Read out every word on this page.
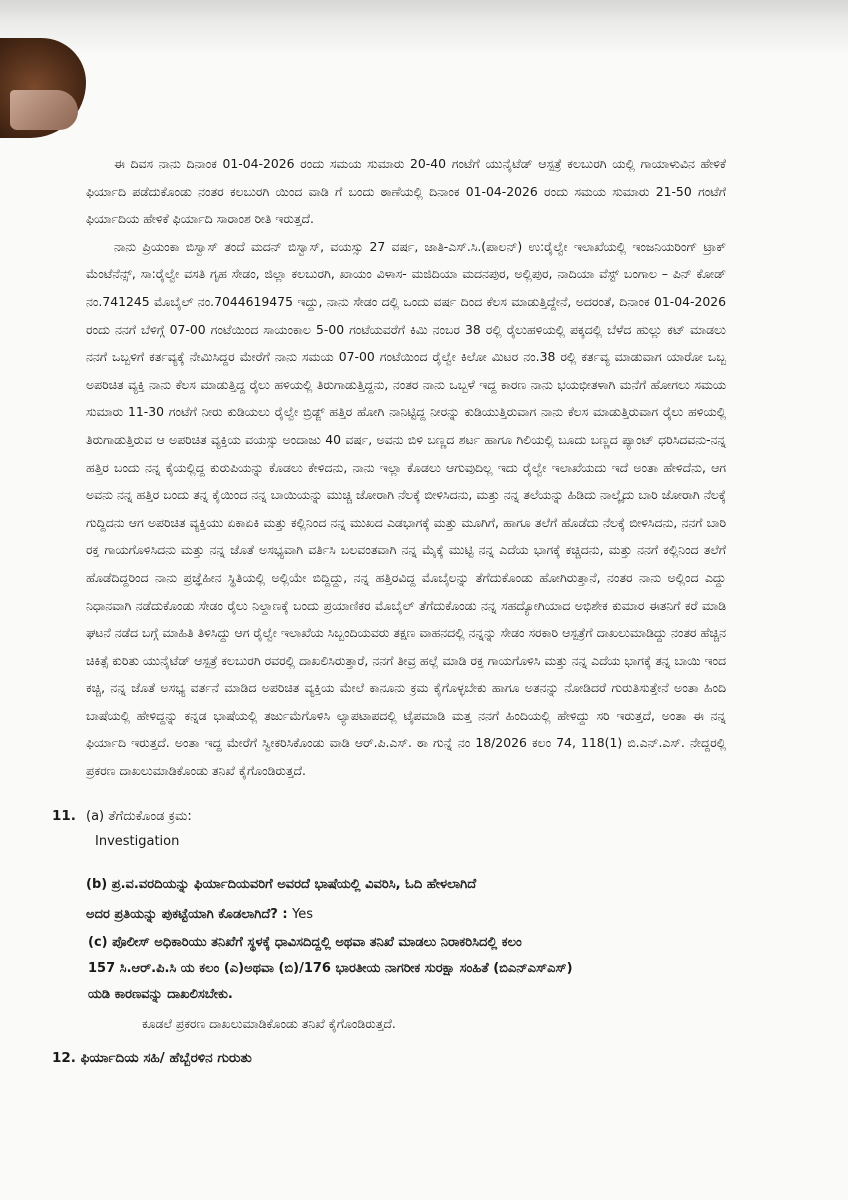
ಈ ದಿವಸ ನಾನು ದಿನಾಂಕ 01-04-2026 ರಂದು ಸಮಯ ಸುಮಾರು 20-40 ಗಂಟೆಗೆ ಯುನೈಟೆಡ್ ಆಸ್ಪತ್ರೆ ಕಲಬುರಗಿ ಯಲ್ಲಿ ಗಾಯಾಳುವಿನ ಹೇಳಿಕೆ ಫಿರ್ಯಾದಿ ಪಡೆದುಕೊಂಡು ನಂತರ ಕಲಬುರಗಿ ಯಿಂದ ವಾಡಿ ಗೆ ಬಂದು ಠಾಣೆಯಲ್ಲಿ ದಿನಾಂಕ 01-04-2026 ರಂದು ಸಮಯ ಸುಮಾರು 21-50 ಗಂಟೆಗೆ ಫಿರ್ಯಾದಿಯ ಹೇಳಿಕೆ ಫಿರ್ಯಾದಿ ಸಾರಾಂಶ ರೀತಿ ಇರುತ್ತದೆ.

ನಾನು ಪ್ರಿಯಂಕಾ ಬಿಸ್ವಾಸ್ ತಂದೆ ಮದನ್ ಬಿಸ್ವಾಸ್, ವಯಸ್ಸು 27 ವರ್ಷ, ಜಾತಿ-ಎಸ್.ಸಿ.(ಪಾಲನ್) ಉ:ರೈಲ್ವೇ ಇಲಾಖೆಯಲ್ಲಿ ಇಂಜನಿಯರಿಂಗ್ ಟ್ರಾಕ್ ಮೆಂಟೆನೆನ್ಸ್, ಸಾ:ರೈಲ್ವೇ ವಸತಿ ಗೃಹ ಸೇಡಂ, ಜಿಲ್ಲಾ ಕಲಬುರಗಿ, ಖಾಯಂ ವಿಳಾಸ- ಮಜಿದಿಯಾ ಮದನಪುರ, ಅಲ್ಲಿಪುರ, ನಾದಿಯಾ ವೆಸ್ಟ್ ಬಂಗಾಲ – ಪಿನ್ ಕೋಡ್ ನಂ.741245 ಮೊಬೈಲ್ ನಂ.7044619475 ಇದ್ದು, ನಾನು ಸೇಡಂ ದಲ್ಲಿ ಒಂದು ವರ್ಷ ದಿಂದ ಕೆಲಸ ಮಾಡುತ್ತಿದ್ದೇನೆ, ಅದರಂತೆ, ದಿನಾಂಕ 01-04-2026 ರಂದು ನನಗೆ ಬೆಳಿಗ್ಗೆ 07-00 ಗಂಟೆಯಿಂದ ಸಾಯಂಕಾಲ 5-00 ಗಂಟೆಯವರೆಗೆ ಕಿಮಿ ನಂಬರ 38 ರಲ್ಲಿ ರೈಲುಹಳಿಯಲ್ಲಿ ಪಕ್ಕದಲ್ಲಿ ಬೆಳೆದ ಹುಲ್ಲು ಕಟ್ ಮಾಡಲು ನನಗೆ ಒಬ್ಬಳಿಗೆ ಕರ್ತವ್ಯಕ್ಕೆ ನೇಮಿಸಿದ್ದರ ಮೇರೆಗೆ ನಾನು ಸಮಯ 07-00 ಗಂಟೆಯಿಂದ ರೈಲ್ವೇ ಕಿಲೋ ಮಿಟರ ನಂ.38 ರಲ್ಲಿ ಕರ್ತವ್ಯ ಮಾಡುವಾಗ ಯಾರೋ ಒಬ್ಬ ಅಪರಿಚಿತ ವ್ಯಕ್ತಿ ನಾನು ಕೆಲಸ ಮಾಡುತ್ತಿದ್ದ ರೈಲು ಹಳಿಯಲ್ಲಿ ತಿರುಗಾಡುತ್ತಿದ್ದನು, ನಂತರ ನಾನು ಒಬ್ಬಳೆ ಇದ್ದ ಕಾರಣ ನಾನು ಭಯಭೀತಳಾಗಿ ಮನೆಗೆ ಹೋಗಲು ಸಮಯ ಸುಮಾರು 11-30 ಗಂಟೆಗೆ ನೀರು ಕುಡಿಯಲು ರೈಲ್ವೇ ಬ್ರಿಡ್ಜ್ ಹತ್ತಿರ ಹೋಗಿ ನಾನಿಟ್ಟಿದ್ದ ನೀರನ್ನು ಕುಡಿಯುತ್ತಿರುವಾಗ ನಾನು ಕೆಲಸ ಮಾಡುತ್ತಿರುವಾಗ ರೈಲು ಹಳಿಯಲ್ಲಿ ತಿರುಗಾಡುತ್ತಿರುವ ಆ ಅಪರಿಚಿತ ವ್ಯಕ್ತಿಯ ವಯಸ್ಸು ಅಂದಾಜು 40 ವರ್ಷ, ಅವನು ಬಿಳಿ ಬಣ್ಣದ ಶರ್ಟ ಹಾಗೂ ಗಿಲಿಯಲ್ಲಿ ಬೂದು ಬಣ್ಣದ ಪ್ಯಾಂಟ್ ಧರಿಸಿದವನು-ನನ್ನ ಹತ್ತಿರ ಬಂದು ನನ್ನ ಕೈಯಲ್ಲಿದ್ದ ಕುರುಪಿಯನ್ನು ಕೊಡಲು ಕೇಳಿದನು, ನಾನು ಇಲ್ಲಾ ಕೊಡಲು ಆಗುವುದಿಲ್ಲ ಇದು ರೈಲ್ವೇ ಇಲಾಖೆಯದು ಇದೆ ಅಂತಾ ಹೇಳಿದೆನು, ಆಗ ಅವನು ನನ್ನ ಹತ್ತಿರ ಬಂದು ತನ್ನ ಕೈಯಿಂದ ನನ್ನ ಬಾಯಿಯನ್ನು ಮುಚ್ಚಿ ಜೋರಾಗಿ ನೆಲಕ್ಕೆ ಬೀಳಿಸಿದನು, ಮತ್ತು ನನ್ನ ತಲೆಯನ್ನು ಹಿಡಿದು ನಾಲ್ಕೈದು ಬಾರಿ ಜೋರಾಗಿ ನೆಲಕ್ಕೆ ಗುದ್ದಿದನು ಆಗ ಅಪರಿಚಿತ ವ್ಯಕ್ತಿಯು ಏಕಾಏಕಿ ಮತ್ತು ಕಲ್ಲಿನಿಂದ ನನ್ನ ಮುಖದ ಎಡಭಾಗಕ್ಕೆ ಮತ್ತು ಮೂಗಿಗೆ, ಹಾಗೂ ತಲೆಗೆ ಹೊಡೆದು ನೆಲಕ್ಕೆ ಬೀಳಿಸಿದನು, ನನಗೆ ಬಾರಿ ರಕ್ತ ಗಾಯಗೊಳಿಸಿದನು ಮತ್ತು ನನ್ನ ಜೊತೆ ಅಸಭ್ಯವಾಗಿ ವರ್ತಿಸಿ ಬಲವಂತವಾಗಿ ನನ್ನ ಮೈಕ್ಕೆ ಮುಟ್ಟಿ ನನ್ನ ಎದೆಯ ಭಾಗಕ್ಕೆ ಕಚ್ಚಿದನು, ಮತ್ತು ನನಗೆ ಕಲ್ಲಿನಿಂದ ತಲೆಗೆ ಹೊಡೆದಿದ್ದರಿಂದ ನಾನು ಪ್ರಜ್ಞೆಹೀನ ಸ್ಥಿತಿಯಲ್ಲಿ ಅಲ್ಲಿಯೇ ಬಿದ್ದಿದ್ದು, ನನ್ನ ಹತ್ತಿರವಿದ್ದ ಮೊಬೈಲನ್ನು ತೆಗೆದುಕೊಂಡು ಹೋಗಿರುತ್ತಾನೆ, ನಂತರ ನಾನು ಅಲ್ಲಿಂದ ಎದ್ದು ನಿಧಾನವಾಗಿ ನಡೆದುಕೊಂಡು ಸೇಡಂ ರೈಲು ನಿಲ್ದಾಣಕ್ಕೆ ಬಂದು ಪ್ರಯಾಣಿಕರ ಮೊಬೈಲ್ ತೆಗೆದುಕೊಂಡು ನನ್ನ ಸಹದ್ಯೋಗಿಯಾದ ಅಭಿಶೇಕ ಕುಮಾರ ಈತನಿಗೆ ಕರೆ ಮಾಡಿ ಘಟನೆ ನಡೆದ ಬಗ್ಗೆ ಮಾಹಿತಿ ತಿಳಿಸಿದ್ದು ಆಗ ರೈಲ್ವೇ ಇಲಾಖೆಯ ಸಿಬ್ಬಂದಿಯವರು ತಕ್ಷಣ ವಾಹನದಲ್ಲಿ ನನ್ನನ್ನು ಸೇಡಂ ಸರಕಾರಿ ಆಸ್ಪತ್ರೆಗೆ ದಾಖಲುಮಾಡಿದ್ದು ನಂತರ ಹೆಚ್ಚಿನ ಚಿಕಿತ್ಸೆ ಕುರಿತು ಯುನೈಟೆಡ್ ಆಸ್ಪತ್ರೆ ಕಲಬುರಗಿ ರವರಲ್ಲಿ ದಾಖಲಿಸಿರುತ್ತಾರೆ, ನನಗೆ ತೀವ್ರ ಹಲ್ಲೆ ಮಾಡಿ ರಕ್ತ ಗಾಯಗೊಳಿಸಿ ಮತ್ತು ನನ್ನ ಎದೆಯ ಭಾಗಕ್ಕೆ ತನ್ನ ಬಾಯಿ ಇಂದ ಕಚ್ಚಿ, ನನ್ನ ಜೊತೆ ಅಸಭ್ಯ ವರ್ತನೆ ಮಾಡಿದ ಅಪರಿಚಿತ ವ್ಯಕ್ತಿಯ ಮೇಲೆ ಕಾನೂನು ಕ್ರಮ ಕೈಗೊಳ್ಳಬೇಕು ಹಾಗೂ ಅತನನ್ನು ನೋಡಿದರೆ ಗುರುತಿಸುತ್ತೇನೆ ಅಂತಾ ಹಿಂದಿ ಬಾಷೆಯಲ್ಲಿ ಹೇಳಿದ್ದನ್ನು ಕನ್ನಡ ಭಾಷೆಯಲ್ಲಿ ತರ್ಜುಮೆಗೊಳಿಸಿ ಲ್ಯಾಪಟಾಪದಲ್ಲಿ ಟೈಪಮಾಡಿ ಮತ್ತ ನನಗೆ ಹಿಂದಿಯಲ್ಲಿ ಹೇಳಿದ್ದು ಸರಿ ಇರುತ್ತದೆ, ಅಂತಾ ಈ ನನ್ನ ಫಿರ್ಯಾದಿ ಇರುತ್ತದೆ. ಅಂತಾ ಇದ್ದ ಮೇರೆಗೆ ಸ್ವೀಕರಿಸಿಕೊಂಡು ವಾಡಿ ಆರ್.ಪಿ.ಎಸ್. ಠಾ ಗುನ್ನೆ ನಂ 18/2026 ಕಲಂ 74, 118(1) ಬಿ.ಎನ್.ಎಸ್. ನೇದ್ದರಲ್ಲಿ ಪ್ರಕರಣ ದಾಖಲುಮಾಡಿಕೊಂಡು ತನಿಖೆ ಕೈಗೊಂಡಿರುತ್ತದೆ.

11. (a) ತೆಗೆದುಕೊಂಡ ಕ್ರಮ:
Investigation
(b) ಪ್ರ.ವ.ವರದಿಯನ್ನು ಫಿರ್ಯಾದಿಯವರಿಗೆ ಅವರದೆ ಭಾಷೆಯಲ್ಲಿ ವಿವರಿಸಿ, ಓದಿ ಹೇಳಲಾಗಿದೆ
ಅದರ ಪ್ರತಿಯನ್ನು ಪುಕಟ್ಟೆಯಾಗಿ ಕೊಡಲಾಗಿದೆ? : Yes
(c) ಪೊಲೀಸ್ ಅಧಿಕಾರಿಯು ತನಿಖೆಗೆ ಸ್ಥಳಕ್ಕೆ ಧಾವಿಸದಿದ್ದಲ್ಲಿ ಅಥವಾ ತನಿಖೆ ಮಾಡಲು ನಿರಾಕರಿಸಿದಲ್ಲಿ ಕಲಂ
157 ಸಿ.ಆರ್.ಪಿ.ಸಿ ಯ ಕಲಂ (ಎ)ಅಥವಾ (ಬಿ)/176 ಭಾರತೀಯ ನಾಗರೀಕ ಸುರಕ್ಷಾ ಸಂಹಿತೆ (ಬಿಎನ್‌ಎಸ್‌ಎಸ್)
ಯಡಿ ಕಾರಣವನ್ನು ದಾಖಲಿಸಬೇಕು.
ಕೂಡಲೆ ಪ್ರಕರಣ ದಾಖಲುಮಾಡಿಕೊಂಡು ತನಿಖೆ ಕೈಗೊಂಡಿರುತ್ತದೆ.
12. ಫಿರ್ಯಾದಿಯ ಸಹಿ/ ಹೆಬ್ಬೆರಳಿನ ಗುರುತು
